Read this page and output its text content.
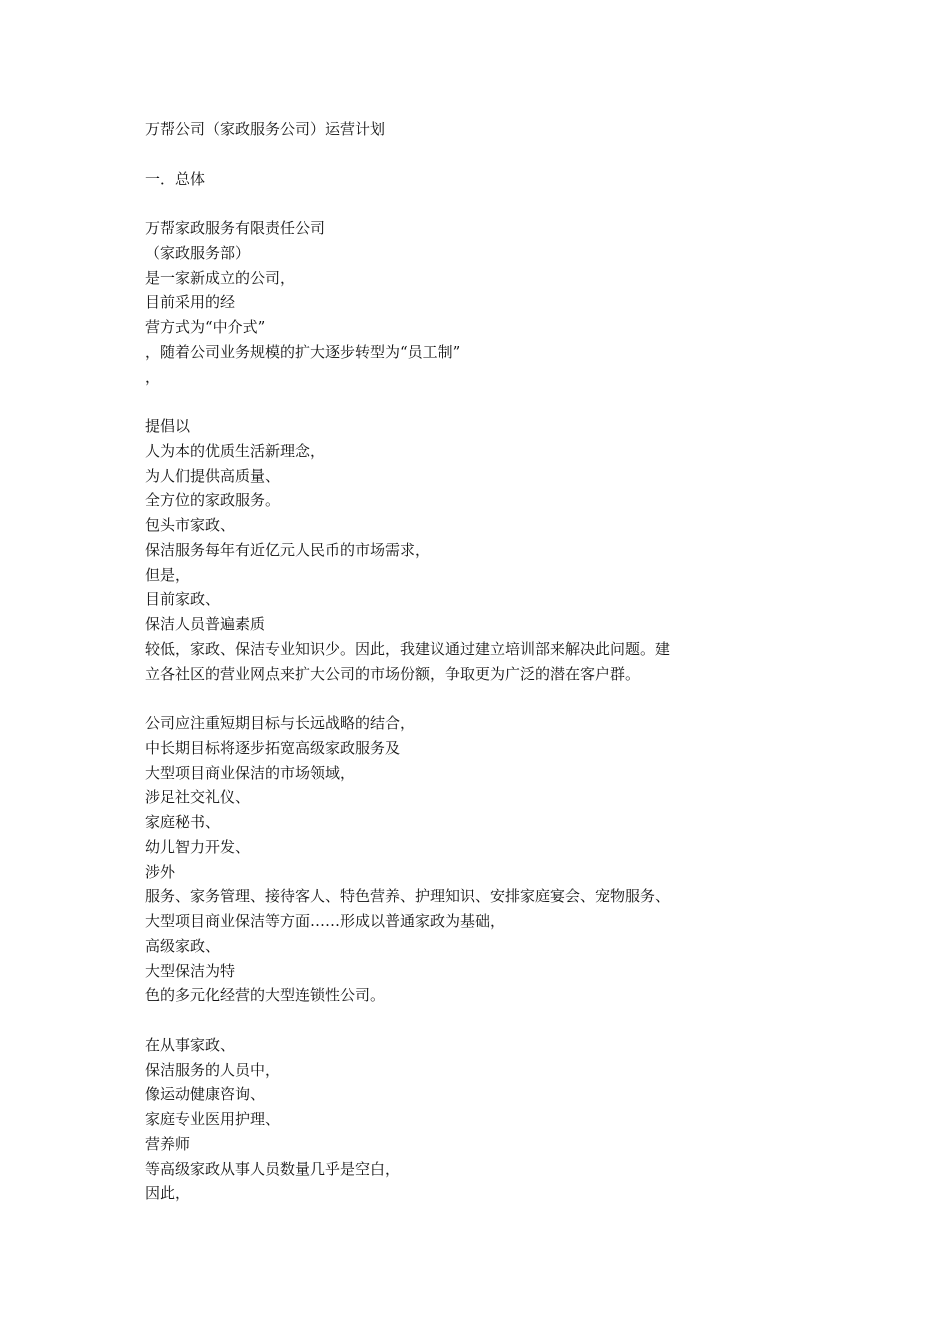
万帮公司（家政服务公司）运营计划
一．总体
万帮家政服务有限责任公司
（家政服务部）
是一家新成立的公司，
目前采用的经
营方式为“中介式”
，随着公司业务规模的扩大逐步转型为“员工制”
，
提倡以
人为本的优质生活新理念，
为人们提供高质量、
全方位的家政服务。
包头市家政、
保洁服务每年有近亿元人民币的市场需求，
但是，
目前家政、
保洁人员普遍素质
较低，家政、保洁专业知识少。因此，我建议通过建立培训部来解决此问题。建
立各社区的营业网点来扩大公司的市场份额，争取更为广泛的潜在客户群。
公司应注重短期目标与长远战略的结合，
中长期目标将逐步拓宽高级家政服务及
大型项目商业保洁的市场领域，
涉足社交礼仪、
家庭秘书、
幼儿智力开发、
涉外
服务、家务管理、接待客人、特色营养、护理知识、安排家庭宴会、宠物服务、
大型项目商业保洁等方面……形成以普通家政为基础，
高级家政、
大型保洁为特
色的多元化经营的大型连锁性公司。
在从事家政、
保洁服务的人员中，
像运动健康咨询、
家庭专业医用护理、
营养师
等高级家政从事人员数量几乎是空白，
因此，
